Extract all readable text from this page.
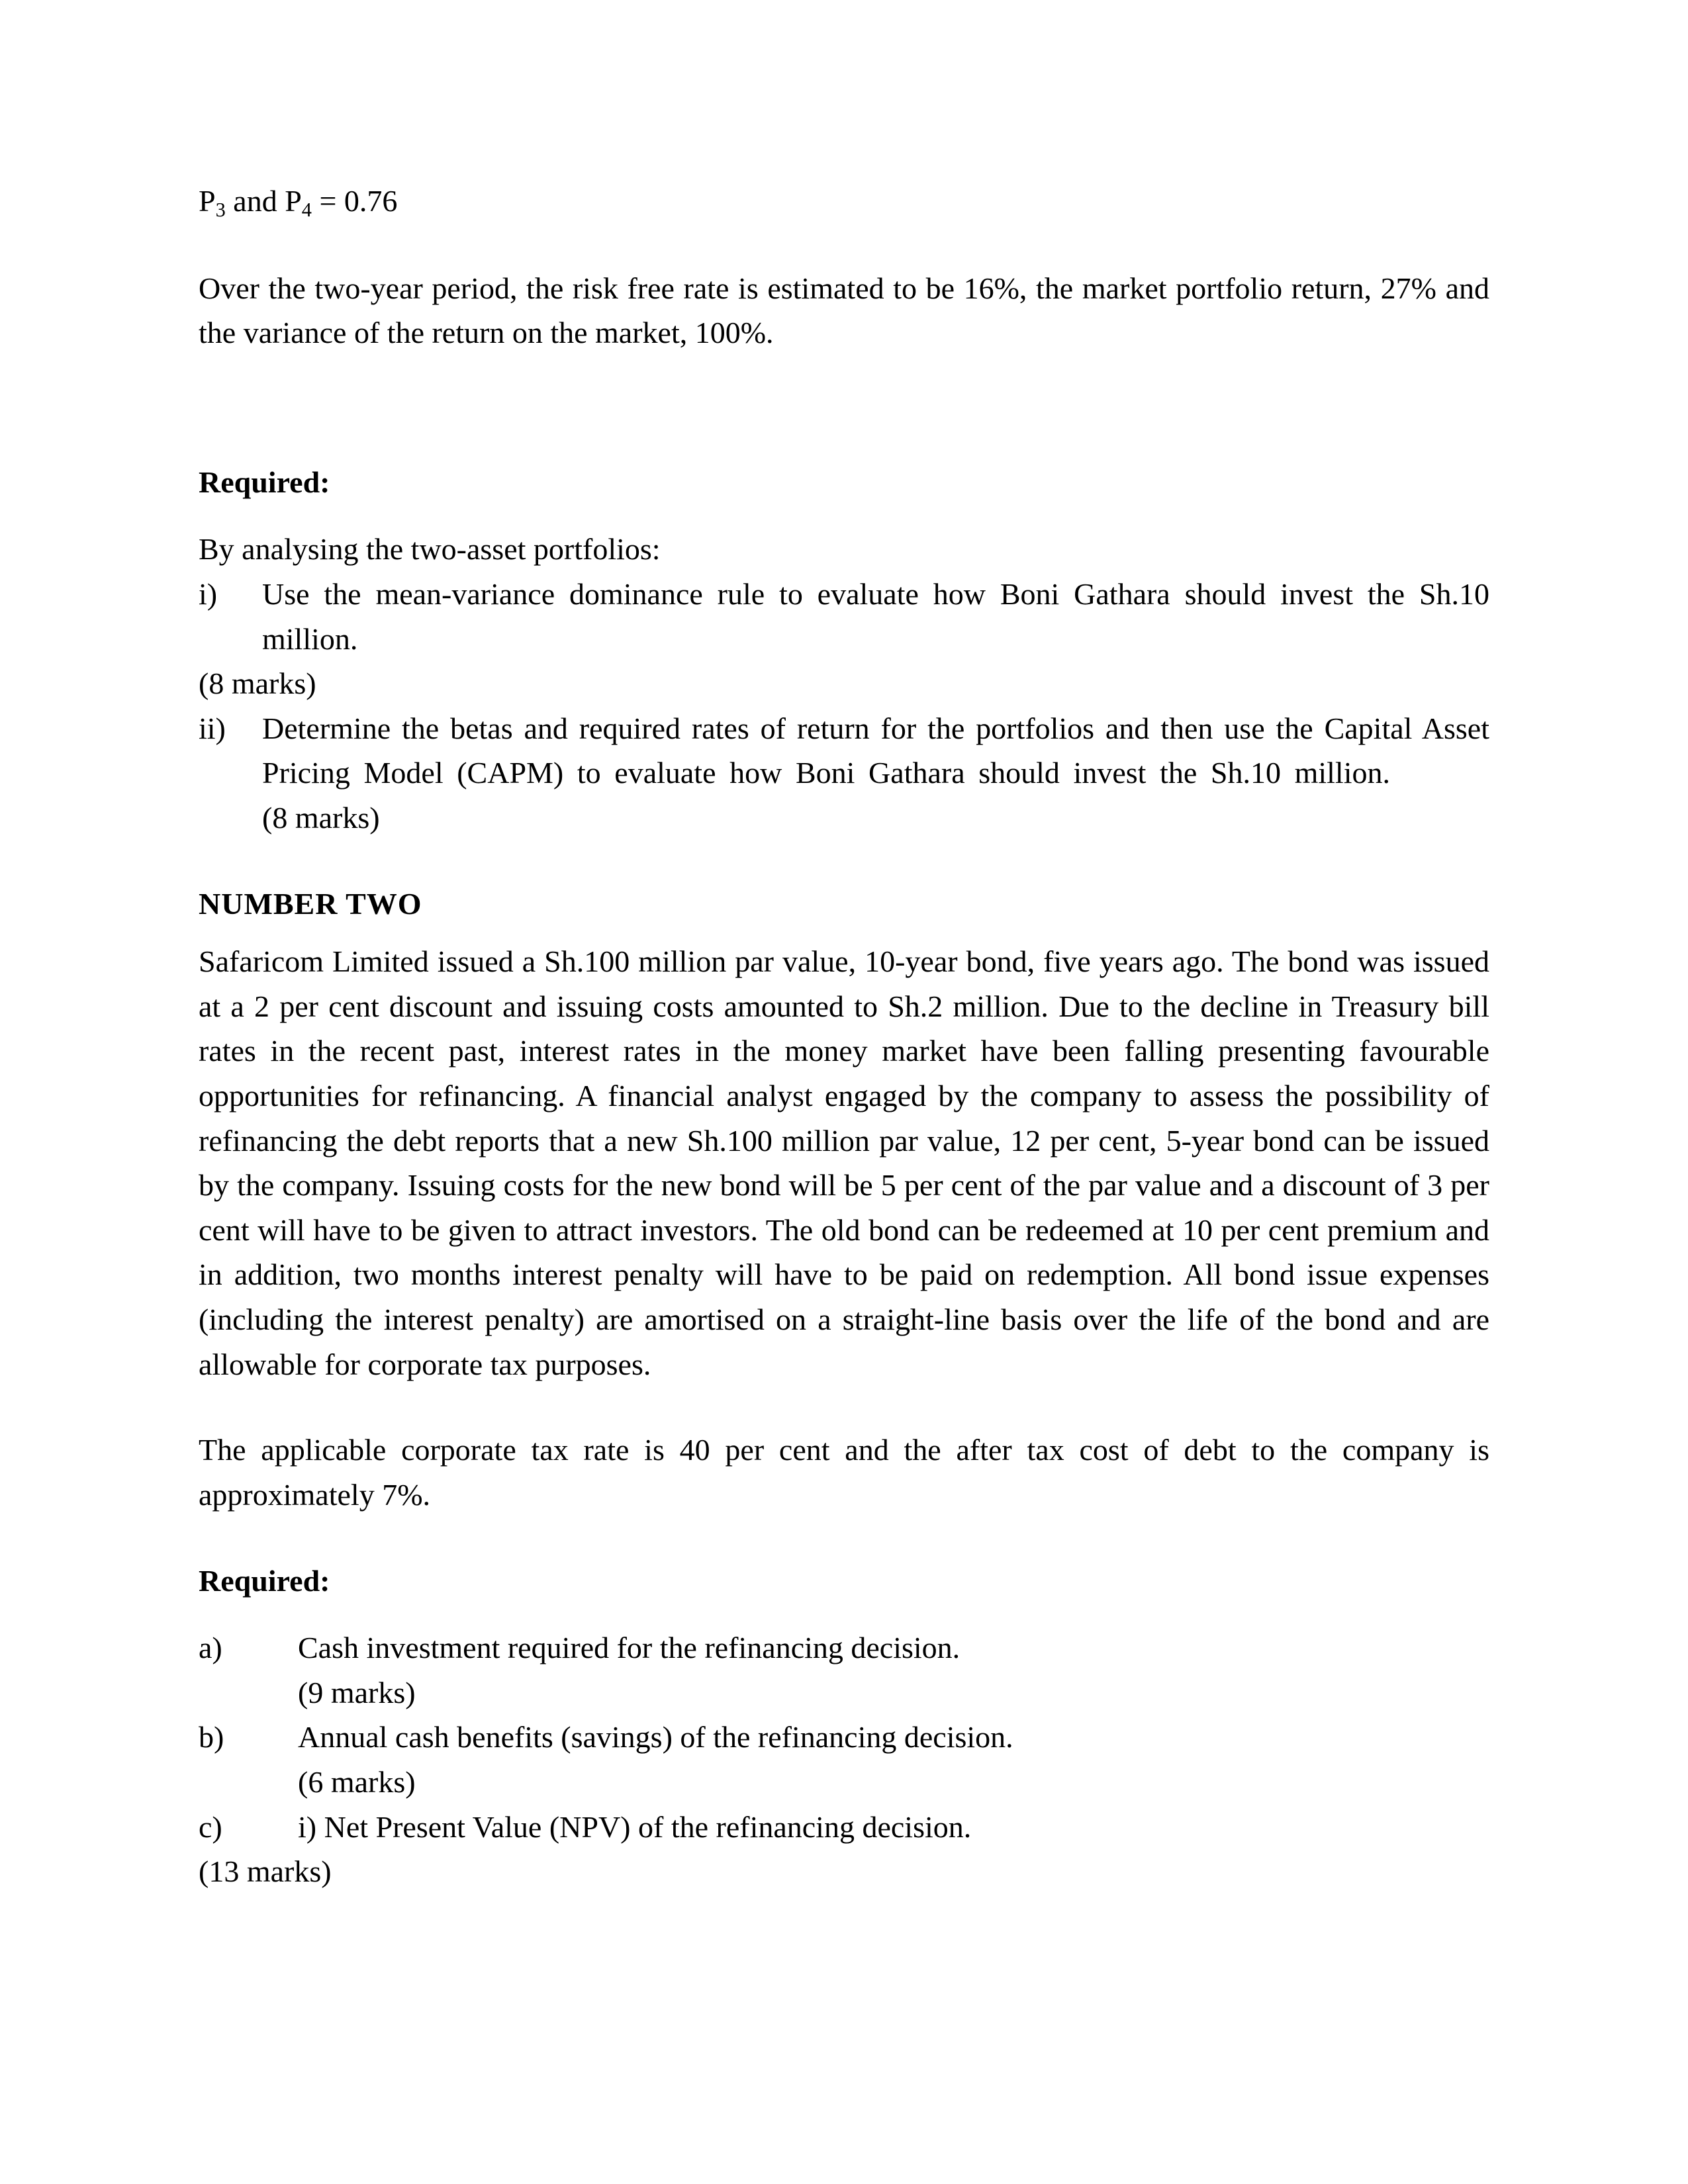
$P_3$ and $P_4 = 0.76$

Over the two-year period, the risk free rate is estimated to be 16%, the market portfolio return, 27% and the variance of the return on the market, 100%.

Required:

By analysing the two-asset portfolios:

i)	Use the mean-variance dominance rule to evaluate how Boni Gathara should invest the Sh.10 million.
(8 marks)
ii)	Determine the betas and required rates of return for the portfolios and then use the Capital Asset Pricing Model (CAPM) to evaluate how Boni Gathara should invest the Sh.10 million.(8 marks)
NUMBER TWO

Safaricom Limited issued a Sh.100 million par value, 10-year bond, five years ago. The bond was issued at a 2 per cent discount and issuing costs amounted to Sh.2 million. Due to the decline in Treasury bill rates in the recent past, interest rates in the money market have been falling presenting favourable opportunities for refinancing. A financial analyst engaged by the company to assess the possibility of refinancing the debt reports that a new Sh.100 million par value, 12 per cent, 5-year bond can be issued by the company. Issuing costs for the new bond will be 5 per cent of the par value and a discount of 3 per cent will have to be given to attract investors. The old bond can be redeemed at 10 per cent premium and in addition, two months interest penalty will have to be paid on redemption. All bond issue expenses (including the interest penalty) are amortised on a straight-line basis over the life of the bond and are allowable for corporate tax purposes.

The applicable corporate tax rate is 40 per cent and the after tax cost of debt to the company is approximately 7%.

Required:
a)	Cash investment required for the refinancing decision.
(9 marks)
b)	Annual cash benefits (savings) of the refinancing decision.
(6 marks)
c)	i) Net Present Value (NPV) of the refinancing decision.
(13 marks)
